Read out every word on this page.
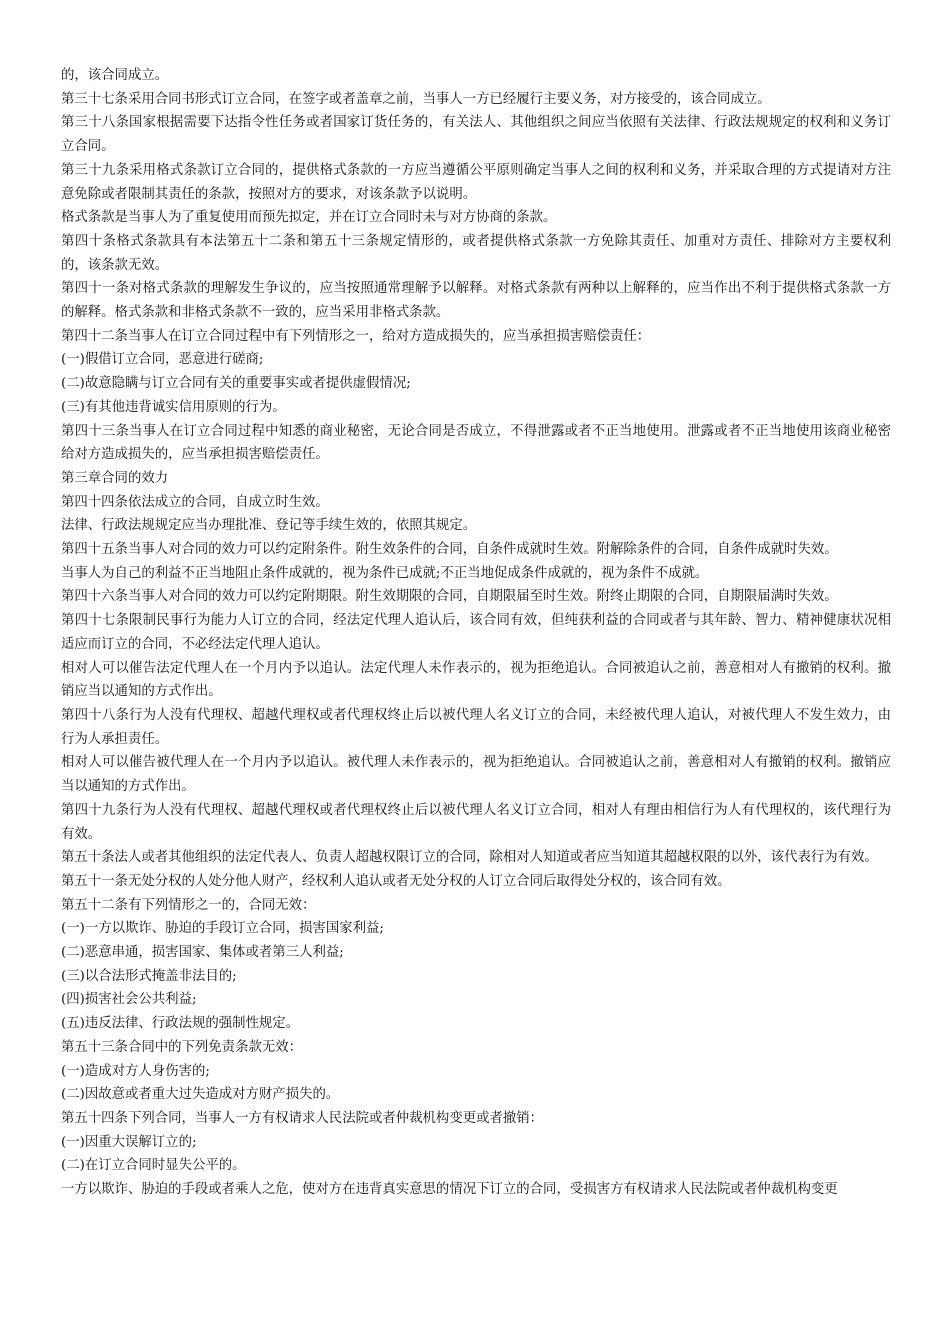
的，该合同成立。

第三十七条采用合同书形式订立合同，在签字或者盖章之前，当事人一方已经履行主要义务，对方接受的，该合同成立。

第三十八条国家根据需要下达指令性任务或者国家订货任务的，有关法人、其他组织之间应当依照有关法律、行政法规规定的权利和义务订立合同。

第三十九条采用格式条款订立合同的，提供格式条款的一方应当遵循公平原则确定当事人之间的权利和义务，并采取合理的方式提请对方注意免除或者限制其责任的条款，按照对方的要求，对该条款予以说明。

格式条款是当事人为了重复使用而预先拟定，并在订立合同时未与对方协商的条款。

第四十条格式条款具有本法第五十二条和第五十三条规定情形的，或者提供格式条款一方免除其责任、加重对方责任、排除对方主要权利的，该条款无效。

第四十一条对格式条款的理解发生争议的，应当按照通常理解予以解释。对格式条款有两种以上解释的，应当作出不利于提供格式条款一方的解释。格式条款和非格式条款不一致的，应当采用非格式条款。

第四十二条当事人在订立合同过程中有下列情形之一，给对方造成损失的，应当承担损害赔偿责任：

(一)假借订立合同，恶意进行磋商;

(二)故意隐瞒与订立合同有关的重要事实或者提供虚假情况;

(三)有其他违背诚实信用原则的行为。

第四十三条当事人在订立合同过程中知悉的商业秘密，无论合同是否成立，不得泄露或者不正当地使用。泄露或者不正当地使用该商业秘密给对方造成损失的，应当承担损害赔偿责任。

第三章合同的效力

第四十四条依法成立的合同，自成立时生效。

法律、行政法规规定应当办理批准、登记等手续生效的，依照其规定。

第四十五条当事人对合同的效力可以约定附条件。附生效条件的合同，自条件成就时生效。附解除条件的合同，自条件成就时失效。

当事人为自己的利益不正当地阻止条件成就的，视为条件已成就;不正当地促成条件成就的，视为条件不成就。

第四十六条当事人对合同的效力可以约定附期限。附生效期限的合同，自期限届至时生效。附终止期限的合同，自期限届满时失效。

第四十七条限制民事行为能力人订立的合同，经法定代理人追认后，该合同有效，但纯获利益的合同或者与其年龄、智力、精神健康状况相适应而订立的合同，不必经法定代理人追认。

相对人可以催告法定代理人在一个月内予以追认。法定代理人未作表示的，视为拒绝追认。合同被追认之前，善意相对人有撤销的权利。撤销应当以通知的方式作出。

第四十八条行为人没有代理权、超越代理权或者代理权终止后以被代理人名义订立的合同，未经被代理人追认，对被代理人不发生效力，由行为人承担责任。

相对人可以催告被代理人在一个月内予以追认。被代理人未作表示的，视为拒绝追认。合同被追认之前，善意相对人有撤销的权利。撤销应当以通知的方式作出。

第四十九条行为人没有代理权、超越代理权或者代理权终止后以被代理人名义订立合同，相对人有理由相信行为人有代理权的，该代理行为有效。

第五十条法人或者其他组织的法定代表人、负责人超越权限订立的合同，除相对人知道或者应当知道其超越权限的以外，该代表行为有效。

第五十一条无处分权的人处分他人财产，经权利人追认或者无处分权的人订立合同后取得处分权的，该合同有效。

第五十二条有下列情形之一的，合同无效：

(一)一方以欺诈、胁迫的手段订立合同，损害国家利益;

(二)恶意串通，损害国家、集体或者第三人利益;

(三)以合法形式掩盖非法目的;

(四)损害社会公共利益;

(五)违反法律、行政法规的强制性规定。

第五十三条合同中的下列免责条款无效：

(一)造成对方人身伤害的;

(二)因故意或者重大过失造成对方财产损失的。

第五十四条下列合同，当事人一方有权请求人民法院或者仲裁机构变更或者撤销：

(一)因重大误解订立的;

(二)在订立合同时显失公平的。

一方以欺诈、胁迫的手段或者乘人之危，使对方在违背真实意思的情况下订立的合同，受损害方有权请求人民法院或者仲裁机构变更
